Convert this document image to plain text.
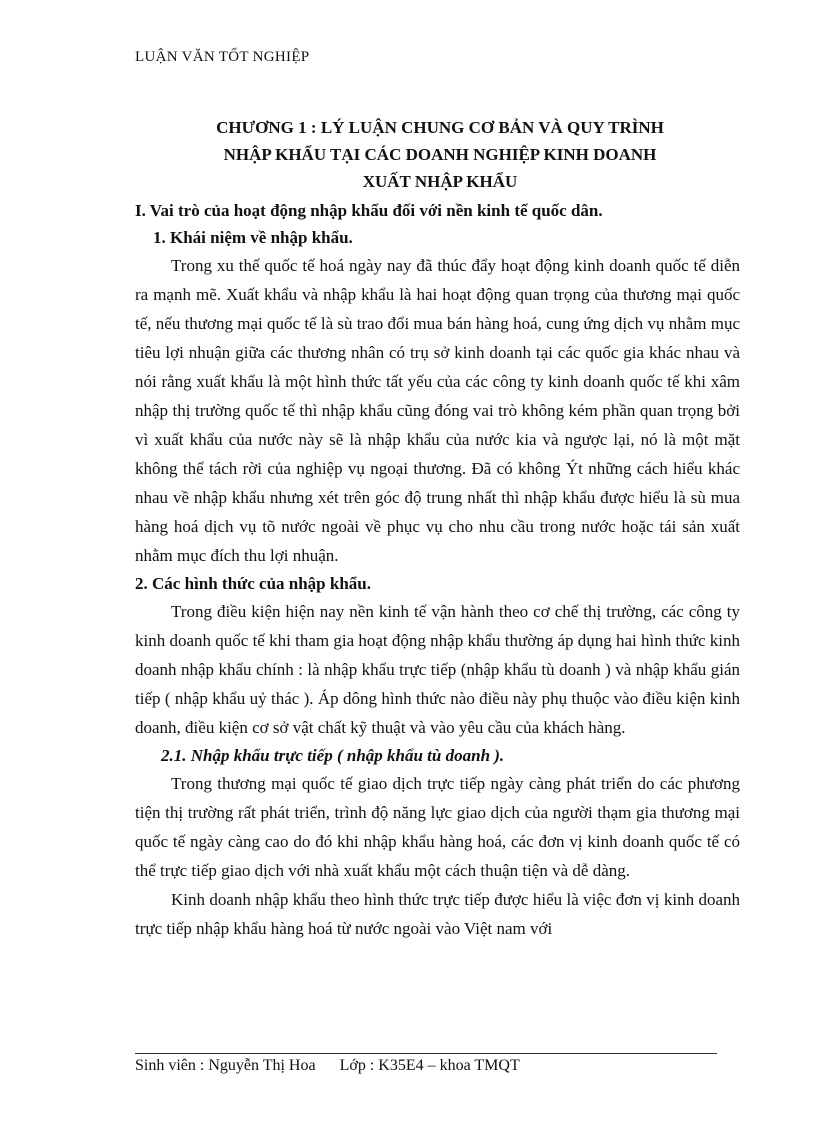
LUẬN VĂN TỐT NGHIỆP
CHƯƠNG 1 : LÝ LUẬN CHUNG CƠ BẢN VÀ QUY TRÌNH
NHẬP KHẨU TẠI CÁC DOANH NGHIỆP KINH DOANH
XUẤT NHẬP KHẨU

I. Vai trò của hoạt động nhập khẩu đối với nền kinh tế quốc dân.

1. Khái niệm về nhập khẩu.

Trong xu thế quốc tế hoá ngày nay đã thúc đẩy hoạt động kinh doanh quốc tế diễn ra mạnh mẽ. Xuất khẩu và nhập khẩu là hai hoạt động quan trọng của thương mại quốc tế, nếu thương mại quốc tế là sù trao đổi mua bán hàng hoá, cung ứng dịch vụ nhằm mục tiêu lợi nhuận giữa các thương nhân có trụ sở kinh doanh tại các quốc gia khác nhau và nói rằng xuất khẩu là một hình thức tất yếu của các công ty kinh doanh quốc tế khi xâm nhập thị trường quốc tế thì nhập khẩu cũng đóng vai trò không kém phần quan trọng bởi vì xuất khẩu của nước này sẽ là nhập khẩu của nước kia và ngược lại, nó là một mặt không thể tách rời của nghiệp vụ ngoại thương. Đã có không Ýt những cách hiểu khác nhau về nhập khẩu nhưng xét trên góc độ trung nhất thì nhập khẩu được hiểu là sù mua hàng hoá dịch vụ tõ nước ngoài về phục vụ cho nhu cầu trong nước hoặc tái sản xuất nhằm mục đích thu lợi nhuận.

2. Các hình thức của nhập khẩu.

Trong điều kiện hiện nay nền kinh tế vận hành theo cơ chế thị trường, các công ty kinh doanh quốc tế khi tham gia hoạt động nhập khẩu thường áp dụng hai hình thức kinh doanh nhập khẩu chính : là nhập khẩu trực tiếp (nhập khẩu tù doanh ) và nhập khẩu gián tiếp ( nhập khẩu uỷ thác ). Áp dông hình thức nào điều này phụ thuộc vào điều kiện kinh doanh, điều kiện cơ sở vật chất kỹ thuật và vào yêu cầu của khách hàng.

2.1. Nhập khẩu trực tiếp ( nhập khẩu tù doanh ).

Trong thương mại quốc tế giao dịch trực tiếp ngày càng phát triển do các phương tiện thị trường rất phát triển, trình độ năng lực giao dịch của người thạm gia thương mại quốc tế ngày càng cao do đó khi nhập khẩu hàng hoá, các đơn vị kinh doanh quốc tế có thể trực tiếp giao dịch với nhà xuất khẩu một cách thuận tiện và dễ dàng.

Kinh doanh nhập khẩu theo hình thức trực tiếp được hiểu là việc đơn vị kinh doanh trực tiếp nhập khẩu hàng hoá từ nước ngoài vào Việt nam với

Sinh viên : Nguyễn Thị Hoa Lớp : K35E4 – khoa TMQT
